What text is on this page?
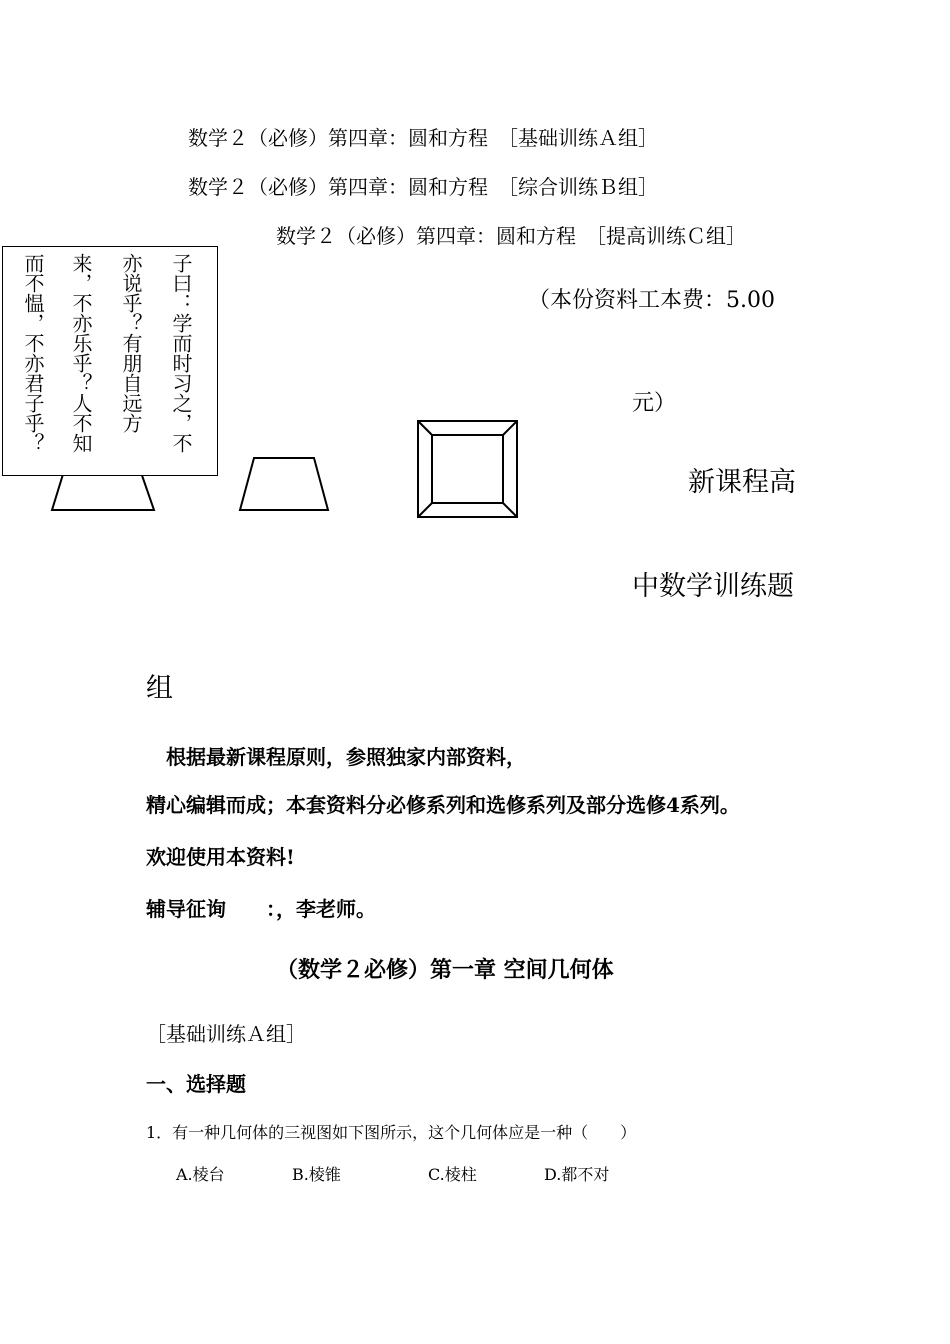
数学２（必修）第四章：圆和方程　［基础训练Ａ组］
数学２（必修）第四章：圆和方程　［综合训练Ｂ组］
数学２（必修）第四章：圆和方程　［提高训练Ｃ组］
（本份资料工本费：5.00
元）
子曰：学而时习之，不
亦说乎？有朋自远方
来，不亦乐乎？人不知
而不愠，不亦君子乎？
新课程高
中数学训练题
组
根据最新课程原则，参照独家内部资料，
精心编辑而成；本套资料分必修系列和选修系列及部分选修4系列。
欢迎使用本资料!
辅导征询　　：，李老师。
（数学２必修）第一章 空间几何体
［基础训练Ａ组］
一、选择题
1．有一种几何体的三视图如下图所示，这个几何体应是一种（　　）
A.棱台	B.棱锥	C.棱柱	D.都不对
